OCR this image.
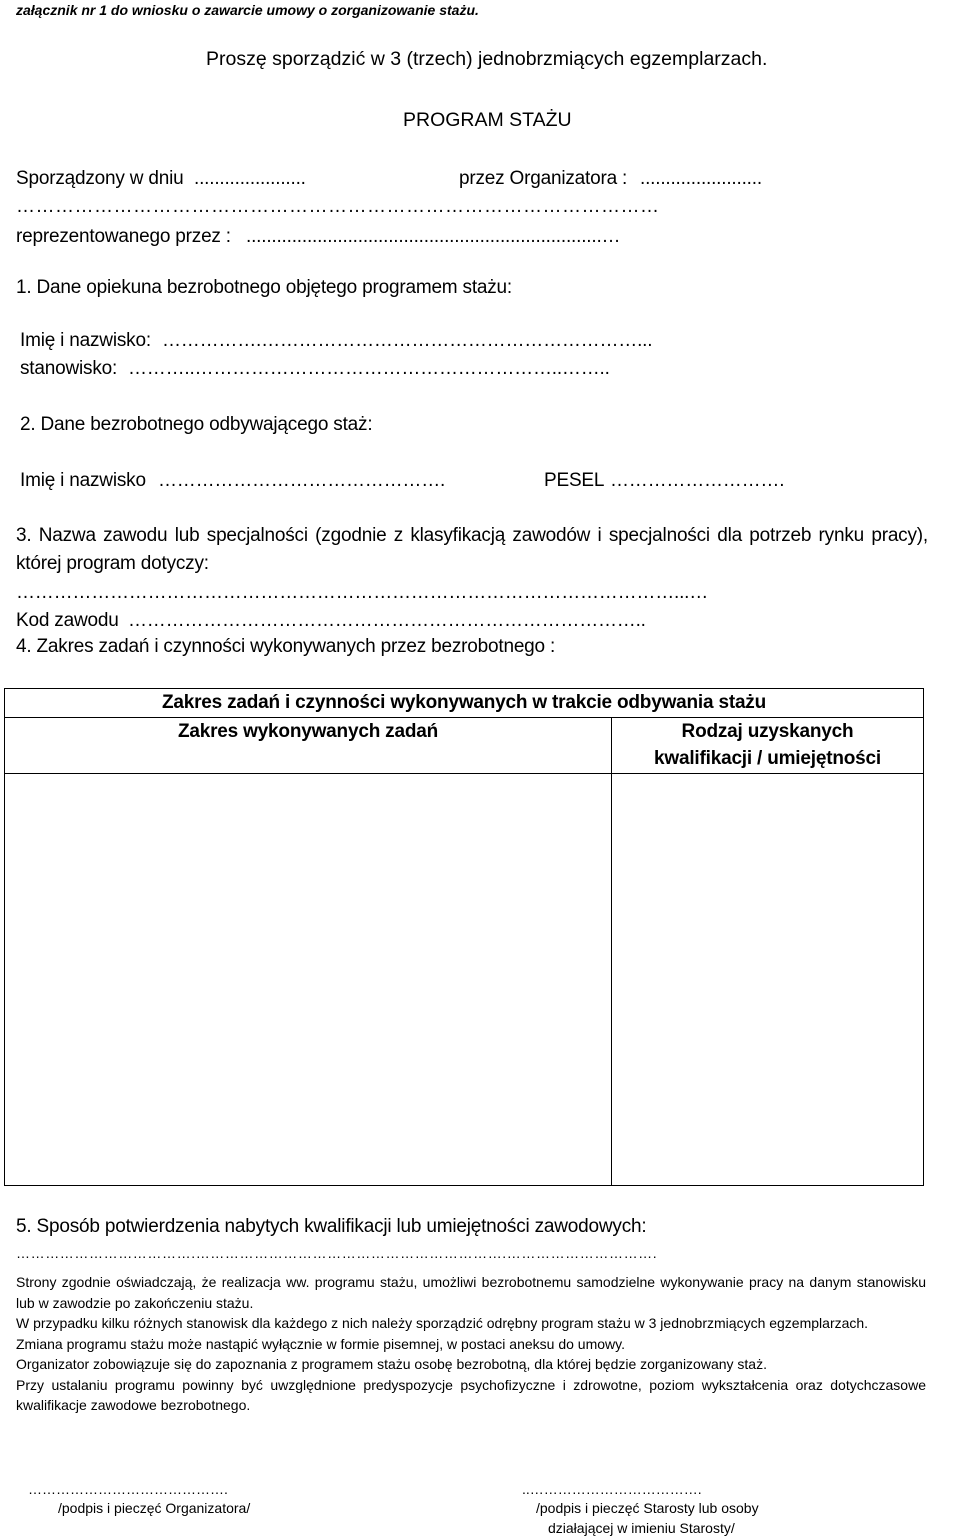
załącznik nr 1 do wniosku o zawarcie umowy o zorganizowanie stażu.
Proszę sporządzić w 3 (trzech) jednobrzmiących egzemplarzach.
PROGRAM STAŻU
Sporządzony w dniu ......................	przez Organizatora : ........................
………………………………………………………………………………………
reprezentowanego przez : ......................................................................…
1. Dane opiekuna bezrobotnego objętego programem stażu:
Imię i nazwisko: …………….……………………………………………………...
stanowisko: ………..…………………………………………………..……..
2. Dane bezrobotnego odbywającego staż:
Imię i nazwisko ……………………………………….	PESEL ……………………….
3. Nazwa zawodu lub specjalności (zgodnie z klasyfikacją zawodów i specjalności dla potrzeb rynku pracy), której program dotyczy:
……………………………………………………………………………………………...…
Kod zawodu ………………………………………………………………………..
4. Zakres zadań i czynności wykonywanych przez bezrobotnego :
Zakres zadań i czynności wykonywanych w trakcie odbywania stażu
Zakres wykonywanych zadań	Rodzaj uzyskanych
kwalifikacji / umiejętności
5. Sposób potwierdzenia nabytych kwalifikacji lub umiejętności zawodowych:
……………………………….……………………………………………………….………………………….

Strony zgodnie oświadczają, że realizacja ww. programu stażu, umożliwi bezrobotnemu samodzielne wykonywanie pracy na danym stanowisku lub w zawodzie po zakończeniu stażu.

W przypadku kilku różnych stanowisk dla każdego z nich należy sporządzić odrębny program stażu w 3 jednobrzmiących egzemplarzach.

Zmiana programu stażu może nastąpić wyłącznie w formie pisemnej, w postaci aneksu do umowy.

Organizator zobowiązuje się do zapoznania z programem stażu osobę bezrobotną, dla której będzie zorganizowany staż.

Przy ustalaniu programu powinny być uwzględnione predyspozycje psychofizyczne i zdrowotne, poziom wykształcenia oraz dotychczasowe kwalifikacje zawodowe bezrobotnego.

…………………………………….
/podpis i pieczęć Organizatora/
..……………………………….
/podpis i pieczęć Starosty lub osoby
działającej w imieniu Starosty/
